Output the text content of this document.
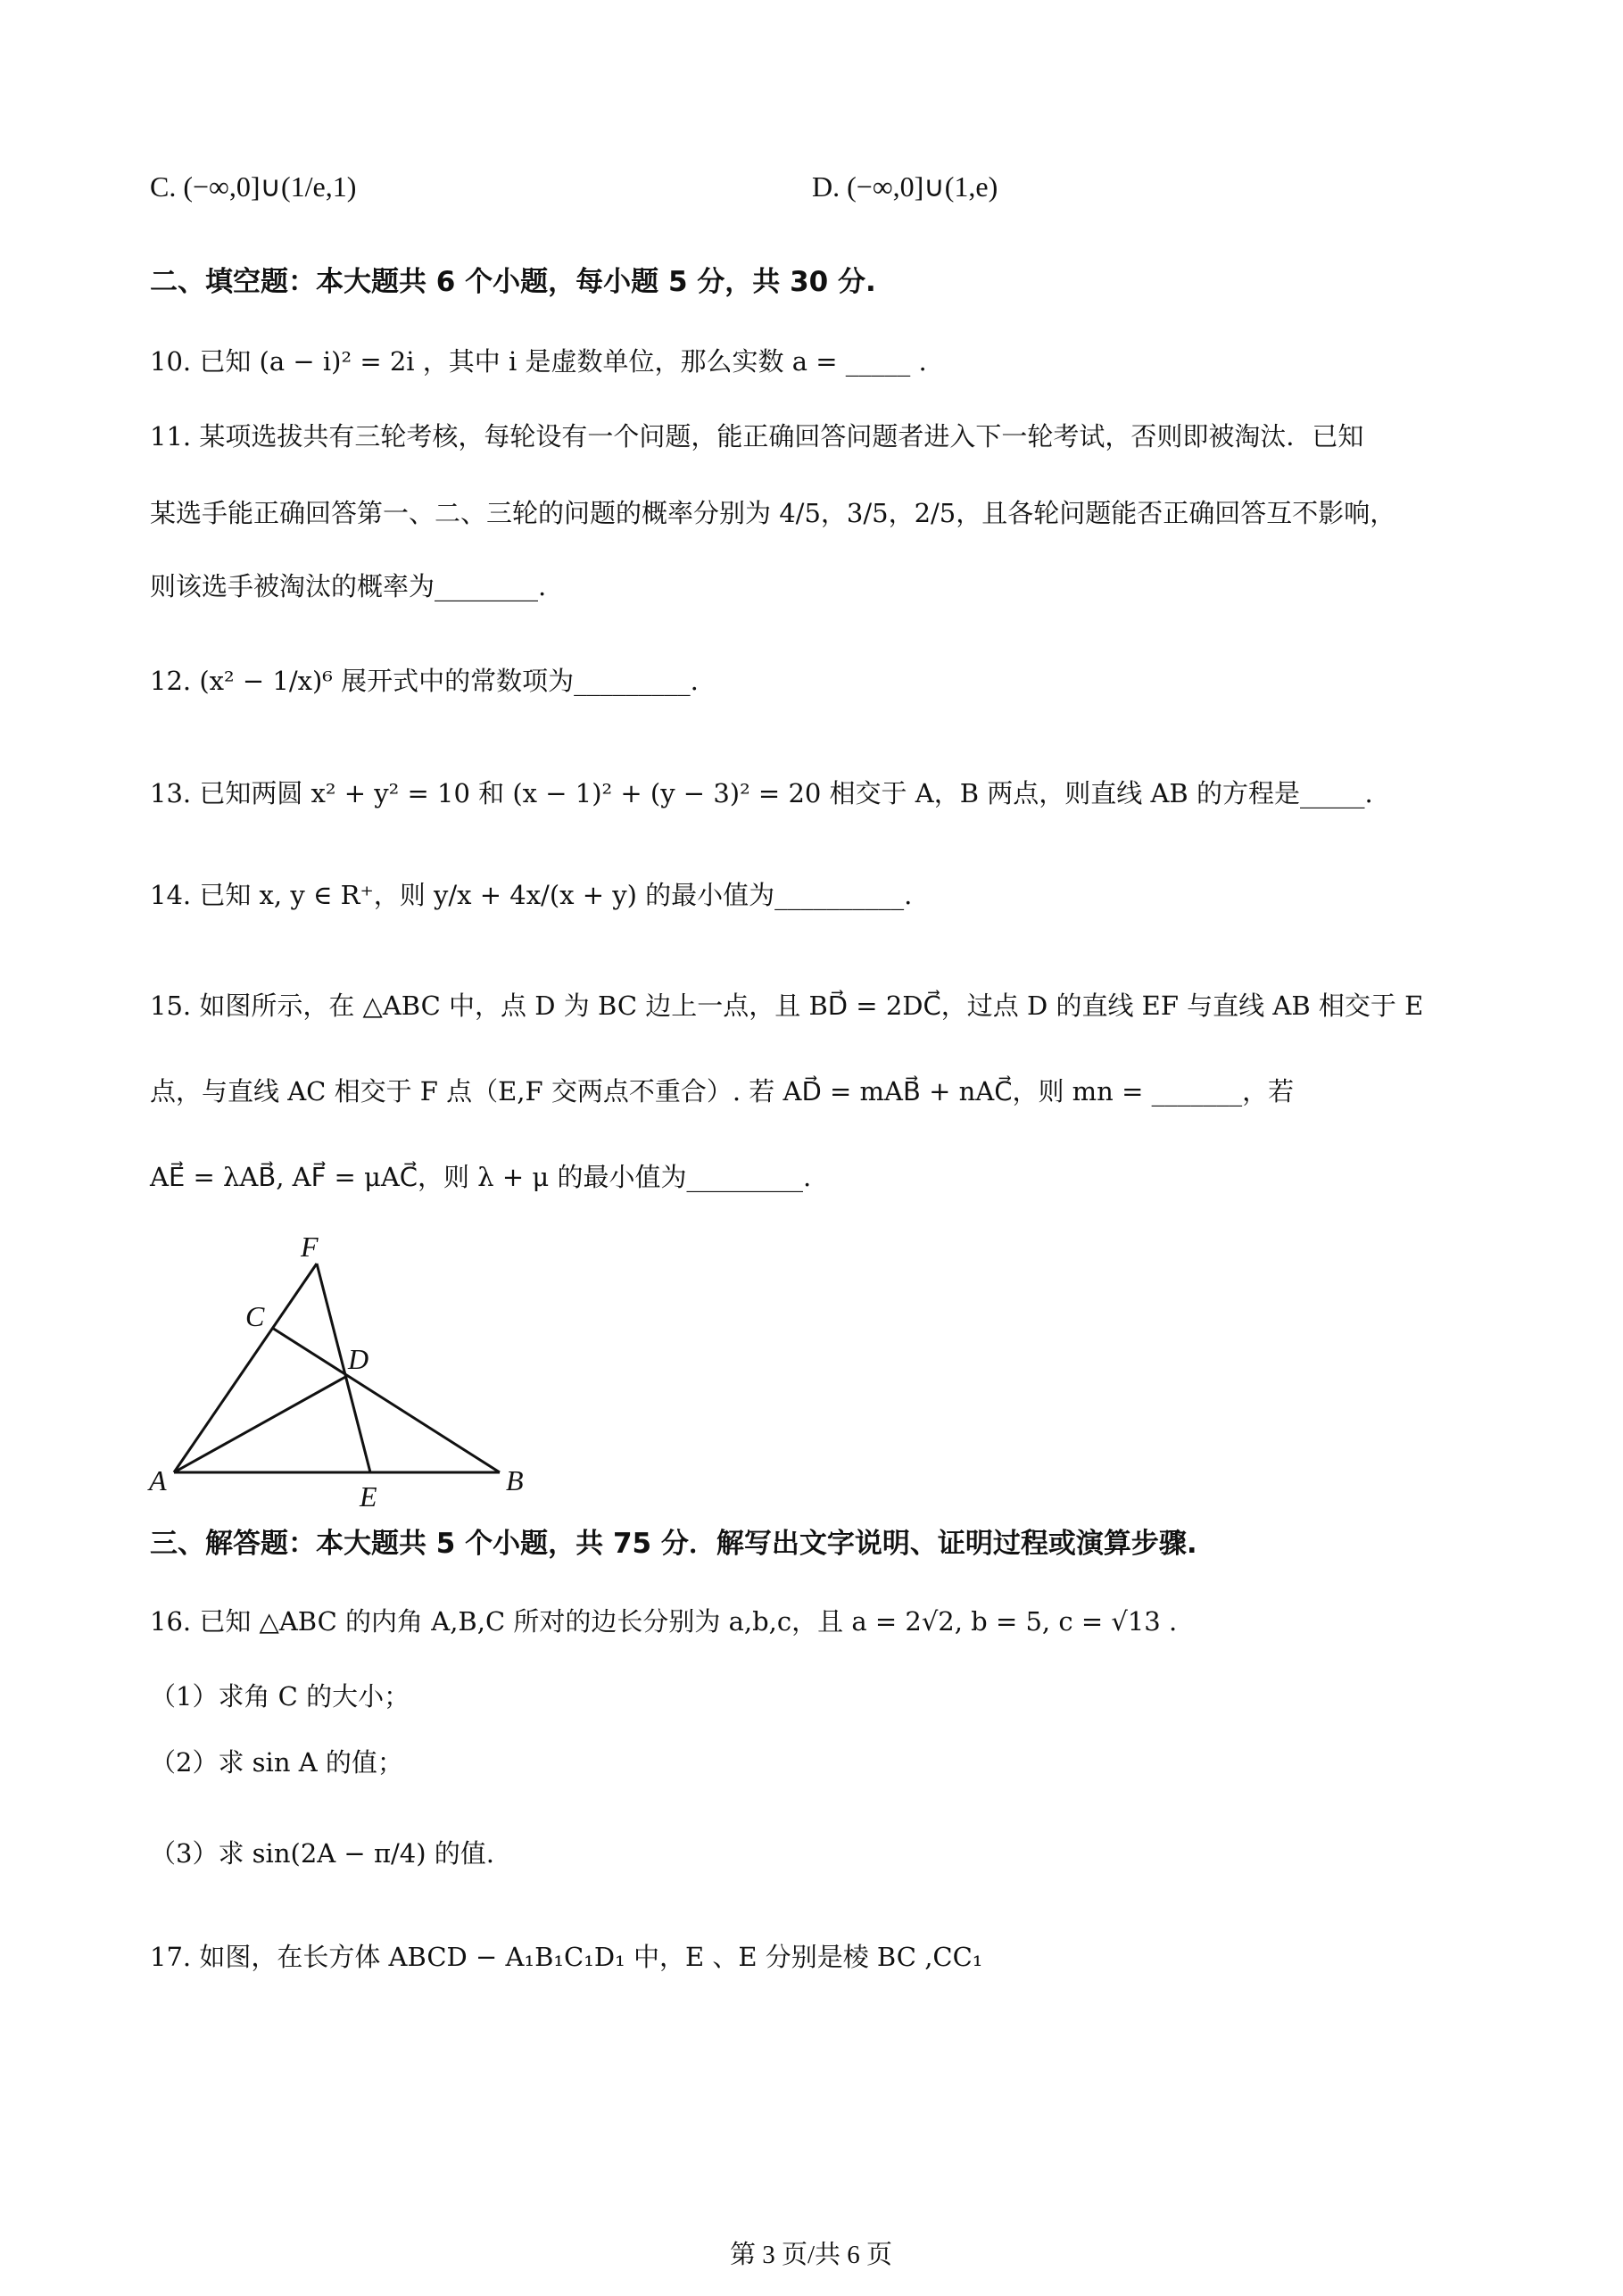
C. (−∞,0]∪(1/e,1)	D. (−∞,0]∪(1,e)
二、填空题：本大题共 6 个小题，每小题 5 分，共 30 分.
10. 已知 (a − i)² = 2i ，其中 i 是虚数单位，那么实数 a = _____ .
11. 某项选拔共有三轮考核，每轮设有一个问题，能正确回答问题者进入下一轮考试，否则即被淘汰．已知
某选手能正确回答第一、二、三轮的问题的概率分别为 4/5，3/5，2/5，且各轮问题能否正确回答互不影响，
则该选手被淘汰的概率为________.
12. (x² − 1/x)⁶ 展开式中的常数项为_________.
13. 已知两圆 x² + y² = 10 和 (x − 1)² + (y − 3)² = 20 相交于 A，B 两点，则直线 AB 的方程是_____.
14. 已知 x, y ∈ R⁺，则 y/x + 4x/(x + y) 的最小值为__________.
15. 如图所示，在 △ABC 中，点 D 为 BC 边上一点，且 BD⃗ = 2DC⃗，过点 D 的直线 EF 与直线 AB 相交于 E
点，与直线 AC 相交于 F 点（E,F 交两点不重合）. 若 AD⃗ = mAB⃗ + nAC⃗，则 mn = _______，若
AE⃗ = λAB⃗, AF⃗ = μAC⃗，则 λ + μ 的最小值为_________.
F
C
D
A	E	B
三、解答题：本大题共 5 个小题，共 75 分．解写出文字说明、证明过程或演算步骤.
16. 已知 △ABC 的内角 A,B,C 所对的边长分别为 a,b,c，且 a = 2√2, b = 5, c = √13 .
（1）求角 C 的大小；
（2）求 sin A 的值；
（3）求 sin(2A − π/4) 的值.
17. 如图，在长方体 ABCD − A₁B₁C₁D₁ 中，E 、E 分别是棱 BC ,CC₁
第 3 页/共 6 页
